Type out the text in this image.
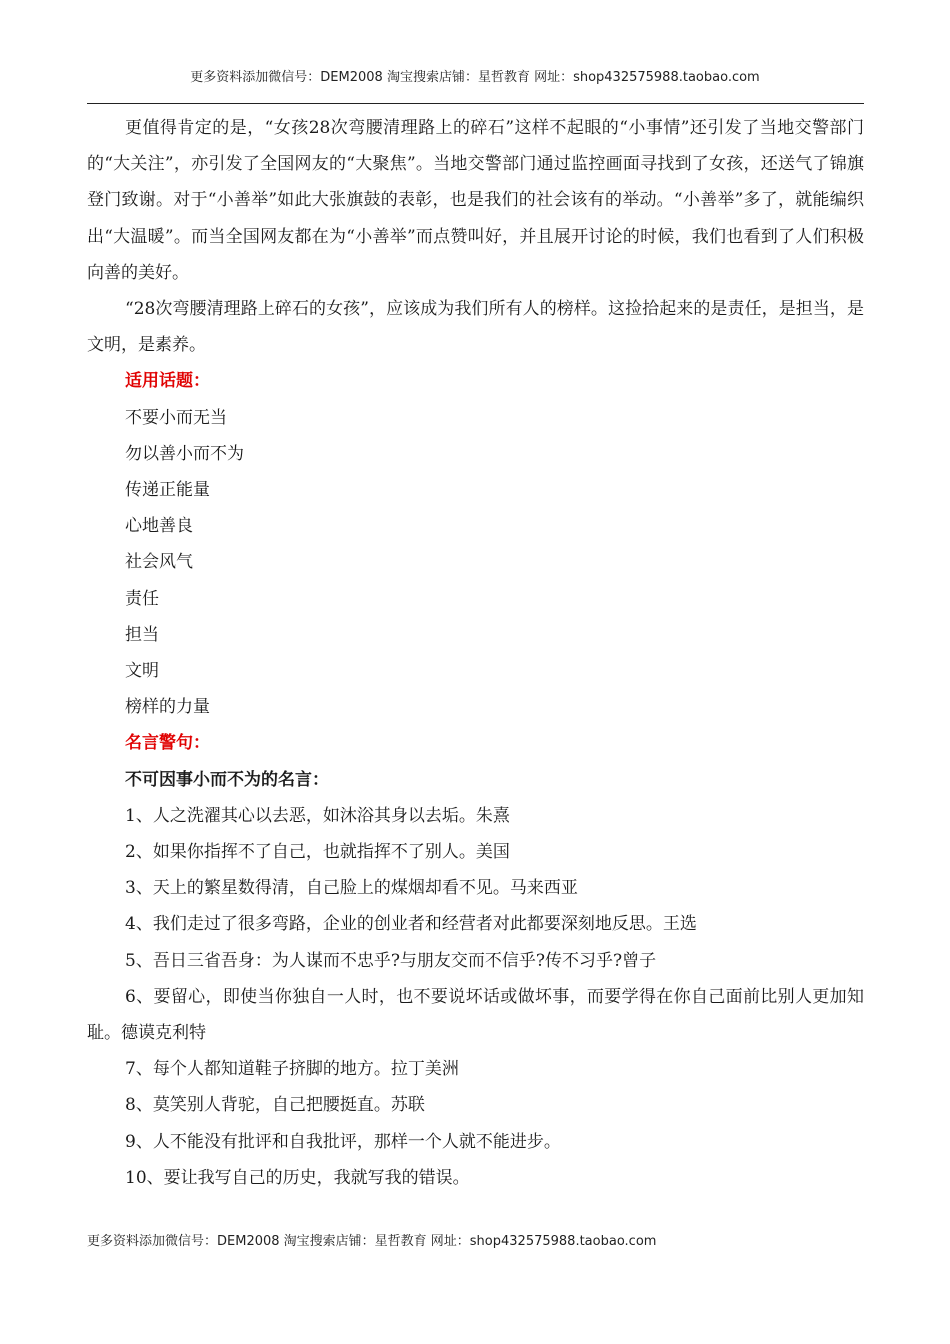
更多资料添加微信号：DEM2008 淘宝搜索店铺：星哲教育 网址：shop432575988.taobao.com

更值得肯定的是，“女孩28次弯腰清理路上的碎石”这样不起眼的“小事情”还引发了当地交警部门的“大关注”，亦引发了全国网友的“大聚焦”。当地交警部门通过监控画面寻找到了女孩，还送气了锦旗登门致谢。对于“小善举”如此大张旗鼓的表彰，也是我们的社会该有的举动。“小善举”多了，就能编织出“大温暖”。而当全国网友都在为“小善举”而点赞叫好，并且展开讨论的时候，我们也看到了人们积极向善的美好。

“28次弯腰清理路上碎石的女孩”，应该成为我们所有人的榜样。这捡拾起来的是责任，是担当，是文明，是素养。

适用话题：

不要小而无当

勿以善小而不为

传递正能量

心地善良

社会风气

责任

担当

文明

榜样的力量

名言警句：

不可因事小而不为的名言：

1、人之洗濯其心以去恶，如沐浴其身以去垢。朱熹

2、如果你指挥不了自己，也就指挥不了别人。美国

3、天上的繁星数得清，自己脸上的煤烟却看不见。马来西亚

4、我们走过了很多弯路，企业的创业者和经营者对此都要深刻地反思。王选

5、吾日三省吾身：为人谋而不忠乎?与朋友交而不信乎?传不习乎?曾子

6、要留心，即使当你独自一人时，也不要说坏话或做坏事，而要学得在你自己面前比别人更加知耻。德谟克利特

7、每个人都知道鞋子挤脚的地方。拉丁美洲

8、莫笑别人背驼，自己把腰挺直。苏联

9、人不能没有批评和自我批评，那样一个人就不能进步。

10、要让我写自己的历史，我就写我的错误。

更多资料添加微信号：DEM2008 淘宝搜索店铺：星哲教育 网址：shop432575988.taobao.com
